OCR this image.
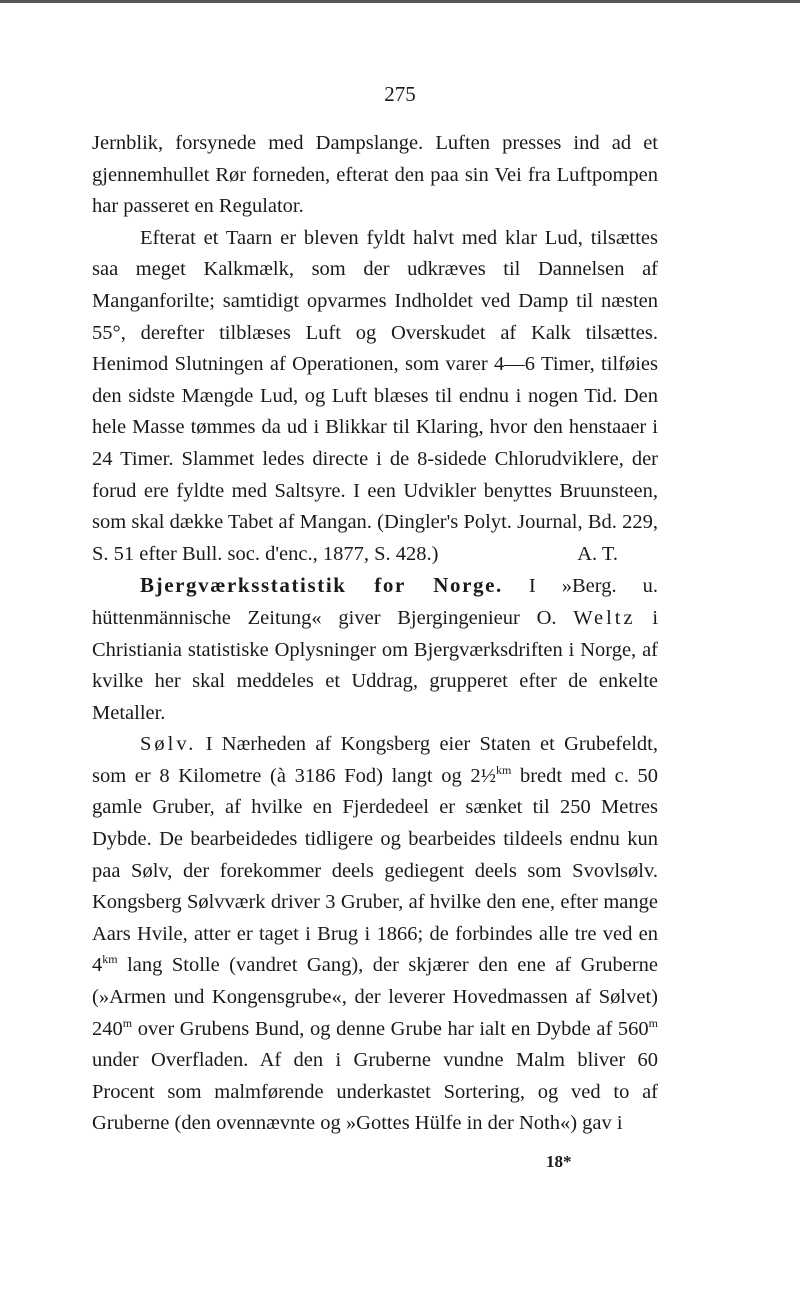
275

Jernblik, forsynede med Dampslange. Luften presses ind ad et gjennemhullet Rør forneden, efterat den paa sin Vei fra Luftpompen har passeret en Regulator.

Efterat et Taarn er bleven fyldt halvt med klar Lud, tilsættes saa meget Kalkmælk, som der udkræves til Dannelsen af Manganforilte; samtidigt opvarmes Indholdet ved Damp til næsten 55°, derefter tilblæses Luft og Overskudet af Kalk tilsættes. Henimod Slutningen af Operationen, som varer 4—6 Timer, tilføies den sidste Mængde Lud, og Luft blæses til endnu i nogen Tid. Den hele Masse tømmes da ud i Blikkar til Klaring, hvor den henstaaer i 24 Timer. Slammet ledes directe i de 8-sidede Chlorudviklere, der forud ere fyldte med Saltsyre. I een Udvikler benyttes Bruunsteen, som skal dække Tabet af Mangan. (Dingler's Polyt. Journal, Bd. 229, S. 51 efter Bull. soc. d'enc., 1877, S. 428.)	A. T.

Bjergværksstatistik for Norge. I »Berg. u. hüttenmännische Zeitung« giver Bjergingenieur O. Weltz i Christiania statistiske Oplysninger om Bjergværksdriften i Norge, af kvilke her skal meddeles et Uddrag, grupperet efter de enkelte Metaller.

Sølv. I Nærheden af Kongsberg eier Staten et Grubefeldt, som er 8 Kilometre (à 3186 Fod) langt og 2½$^{km}$ bredt med c. 50 gamle Gruber, af hvilke en Fjerdedeel er sænket til 250 Metres Dybde. De bearbeidedes tidligere og bearbeides tildeels endnu kun paa Sølv, der forekommer deels gediegent deels som Svovlsølv. Kongsberg Sølvværk driver 3 Gruber, af hvilke den ene, efter mange Aars Hvile, atter er taget i Brug i 1866; de forbindes alle tre ved en $4^{km}$ lang Stolle (vandret Gang), der skjærer den ene af Gruberne (»Armen und Kongensgrube«, der leverer Hovedmassen af Sølvet) 240$^m$ over Grubens Bund, og denne Grube har ialt en Dybde af 560$^m$ under Overfladen. Af den i Gruberne vundne Malm bliver 60 Procent som malmførende underkastet Sortering, og ved to af Gruberne (den ovennævnte og »Gottes Hülfe in der Noth«) gav i

18*
